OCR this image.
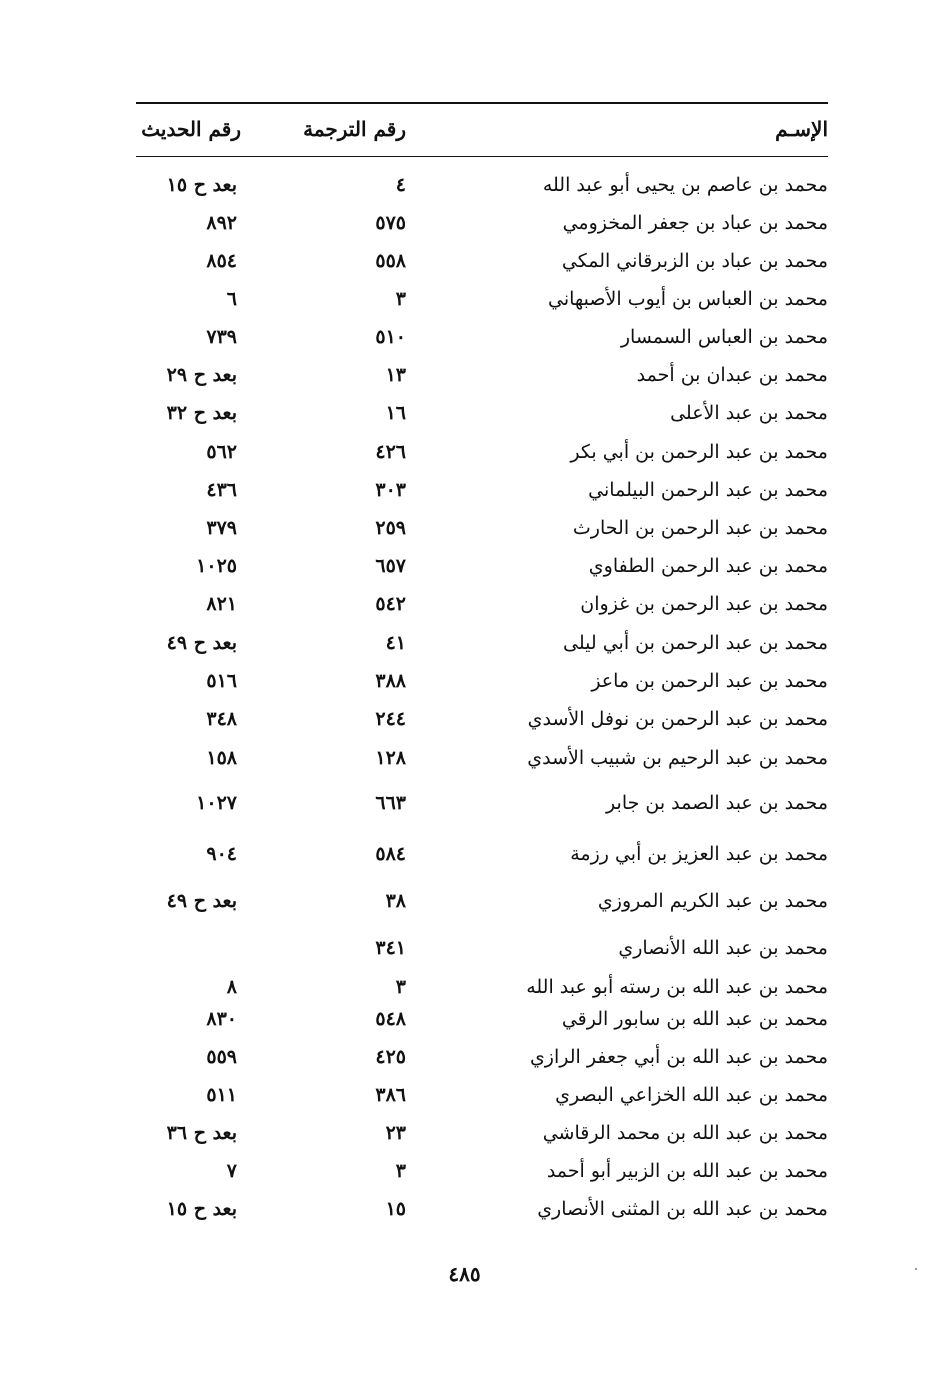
الإسـم
رقم الترجمة
رقم الحديث
محمد بن عاصم بن يحيى أبو عبد الله
٤
بعد ح ١٥
محمد بن عباد بن جعفر المخزومي
٥٧٥
٨٩٢
محمد بن عباد بن الزبرقاني المكي
٥٥٨
٨٥٤
محمد بن العباس بن أيوب الأصبهاني
٣
٦
محمد بن العباس السمسار
٥١٠
٧٣٩
محمد بن عبدان بن أحمد
١٣
بعد ح ٢٩
محمد بن عبد الأعلى
١٦
بعد ح ٣٢
محمد بن عبد الرحمن بن أبي بكر
٤٢٦
٥٦٢
محمد بن عبد الرحمن البيلماني
٣٠٣
٤٣٦
محمد بن عبد الرحمن بن الحارث
٢٥٩
٣٧٩
محمد بن عبد الرحمن الطفاوي
٦٥٧
١٠٢٥
محمد بن عبد الرحمن بن غزوان
٥٤٢
٨٢١
محمد بن عبد الرحمن بن أبي ليلى
٤١
بعد ح ٤٩
محمد بن عبد الرحمن بن ماعز
٣٨٨
٥١٦
محمد بن عبد الرحمن بن نوفل الأسدي
٢٤٤
٣٤٨
محمد بن عبد الرحيم بن شبيب الأسدي
١٢٨
١٥٨
محمد بن عبد الصمد بن جابر
٦٦٣
١٠٢٧
محمد بن عبد العزيز بن أبي رزمة
٥٨٤
٩٠٤
محمد بن عبد الكريم المروزي
٣٨
بعد ح ٤٩
محمد بن عبد الله الأنصاري
٣٤١
محمد بن عبد الله بن رسته أبو عبد الله
٣
٨
محمد بن عبد الله بن سابور الرقي
٥٤٨
٨٣٠
محمد بن عبد الله بن أبي جعفر الرازي
٤٢٥
٥٥٩
محمد بن عبد الله الخزاعي البصري
٣٨٦
٥١١
محمد بن عبد الله بن محمد الرقاشي
٢٣
بعد ح ٣٦
محمد بن عبد الله بن الزبير أبو أحمد
٣
٧
محمد بن عبد الله بن المثنى الأنصاري
١٥
بعد ح ١٥
٤٨٥
